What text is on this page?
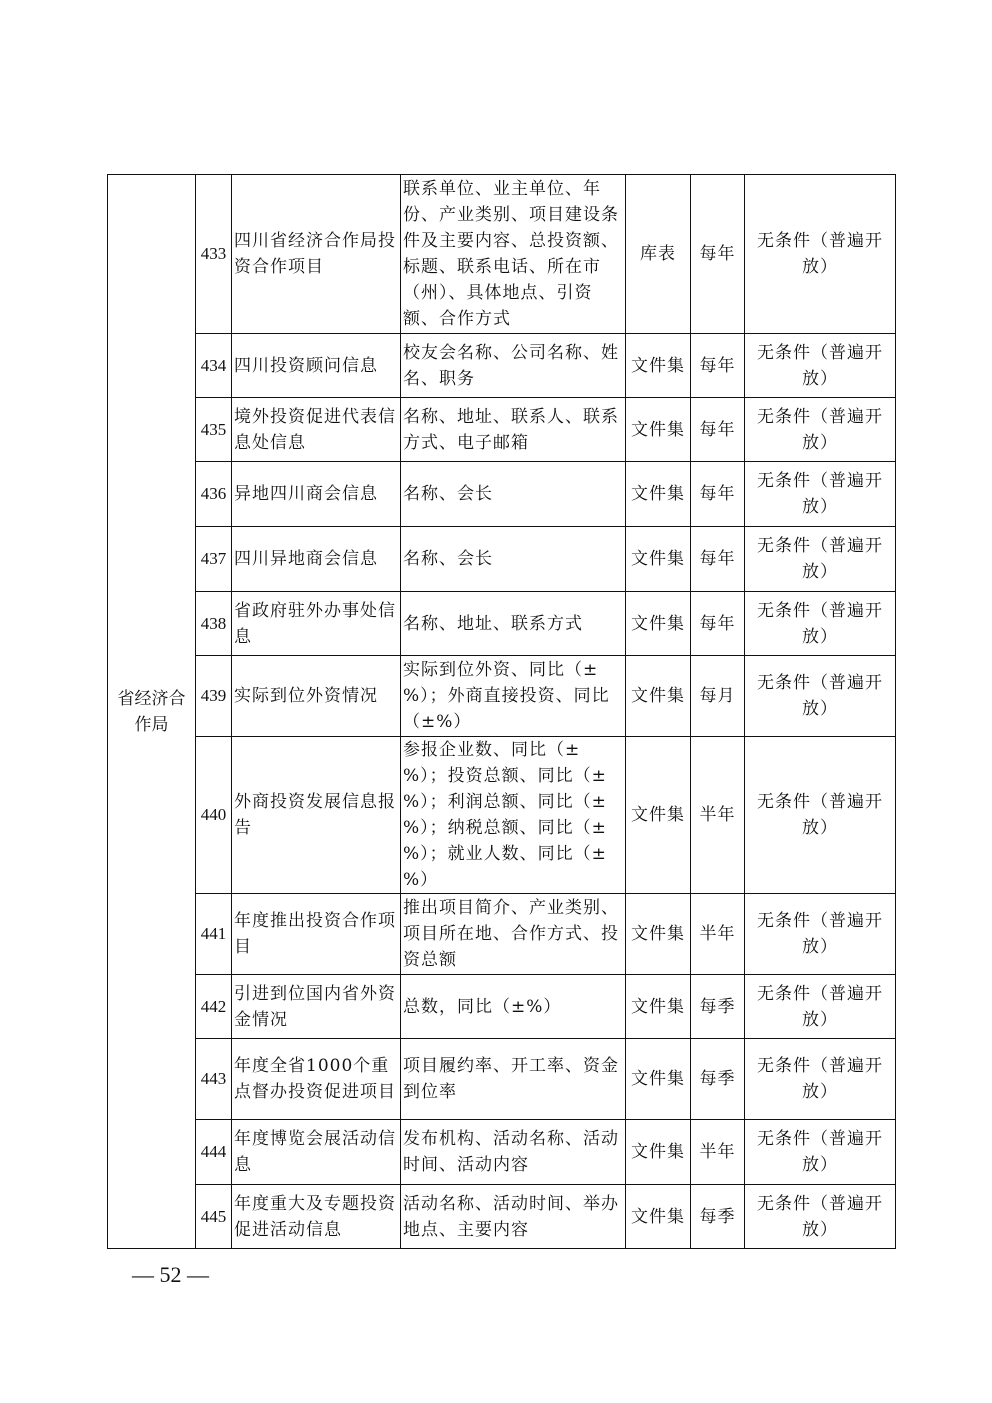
省经济合作局	433	四川省经济合作局投资合作项目	联系单位、业主单位、年份、产业类别、项目建设条件及主要内容、总投资额、标题、联系电话、所在市（州）、具体地点、引资额、合作方式	库表	每年	无条件（普遍开放）
	434	四川投资顾问信息	校友会名称、公司名称、姓名、职务	文件集	每年	无条件（普遍开放）
	435	境外投资促进代表信息处信息	名称、地址、联系人、联系方式、电子邮箱	文件集	每年	无条件（普遍开放）
	436	异地四川商会信息	名称、会长	文件集	每年	无条件（普遍开放）
	437	四川异地商会信息	名称、会长	文件集	每年	无条件（普遍开放）
	438	省政府驻外办事处信息	名称、地址、联系方式	文件集	每年	无条件（普遍开放）
	439	实际到位外资情况	实际到位外资、同比（±%）；外商直接投资、同比（±%）	文件集	每月	无条件（普遍开放）
	440	外商投资发展信息报告	参报企业数、同比（±%）；投资总额、同比（±%）；利润总额、同比（±%）；纳税总额、同比（±%）；就业人数、同比（±%）	文件集	半年	无条件（普遍开放）
	441	年度推出投资合作项目	推出项目简介、产业类别、项目所在地、合作方式、投资总额	文件集	半年	无条件（普遍开放）
	442	引进到位国内省外资金情况	总数，同比（±%）	文件集	每季	无条件（普遍开放）
	443	年度全省1000个重点督办投资促进项目	项目履约率、开工率、资金到位率	文件集	每季	无条件（普遍开放）
	444	年度博览会展活动信息	发布机构、活动名称、活动时间、活动内容	文件集	半年	无条件（普遍开放）
	445	年度重大及专题投资促进活动信息	活动名称、活动时间、举办地点、主要内容	文件集	每季	无条件（普遍开放）
— 52 —
